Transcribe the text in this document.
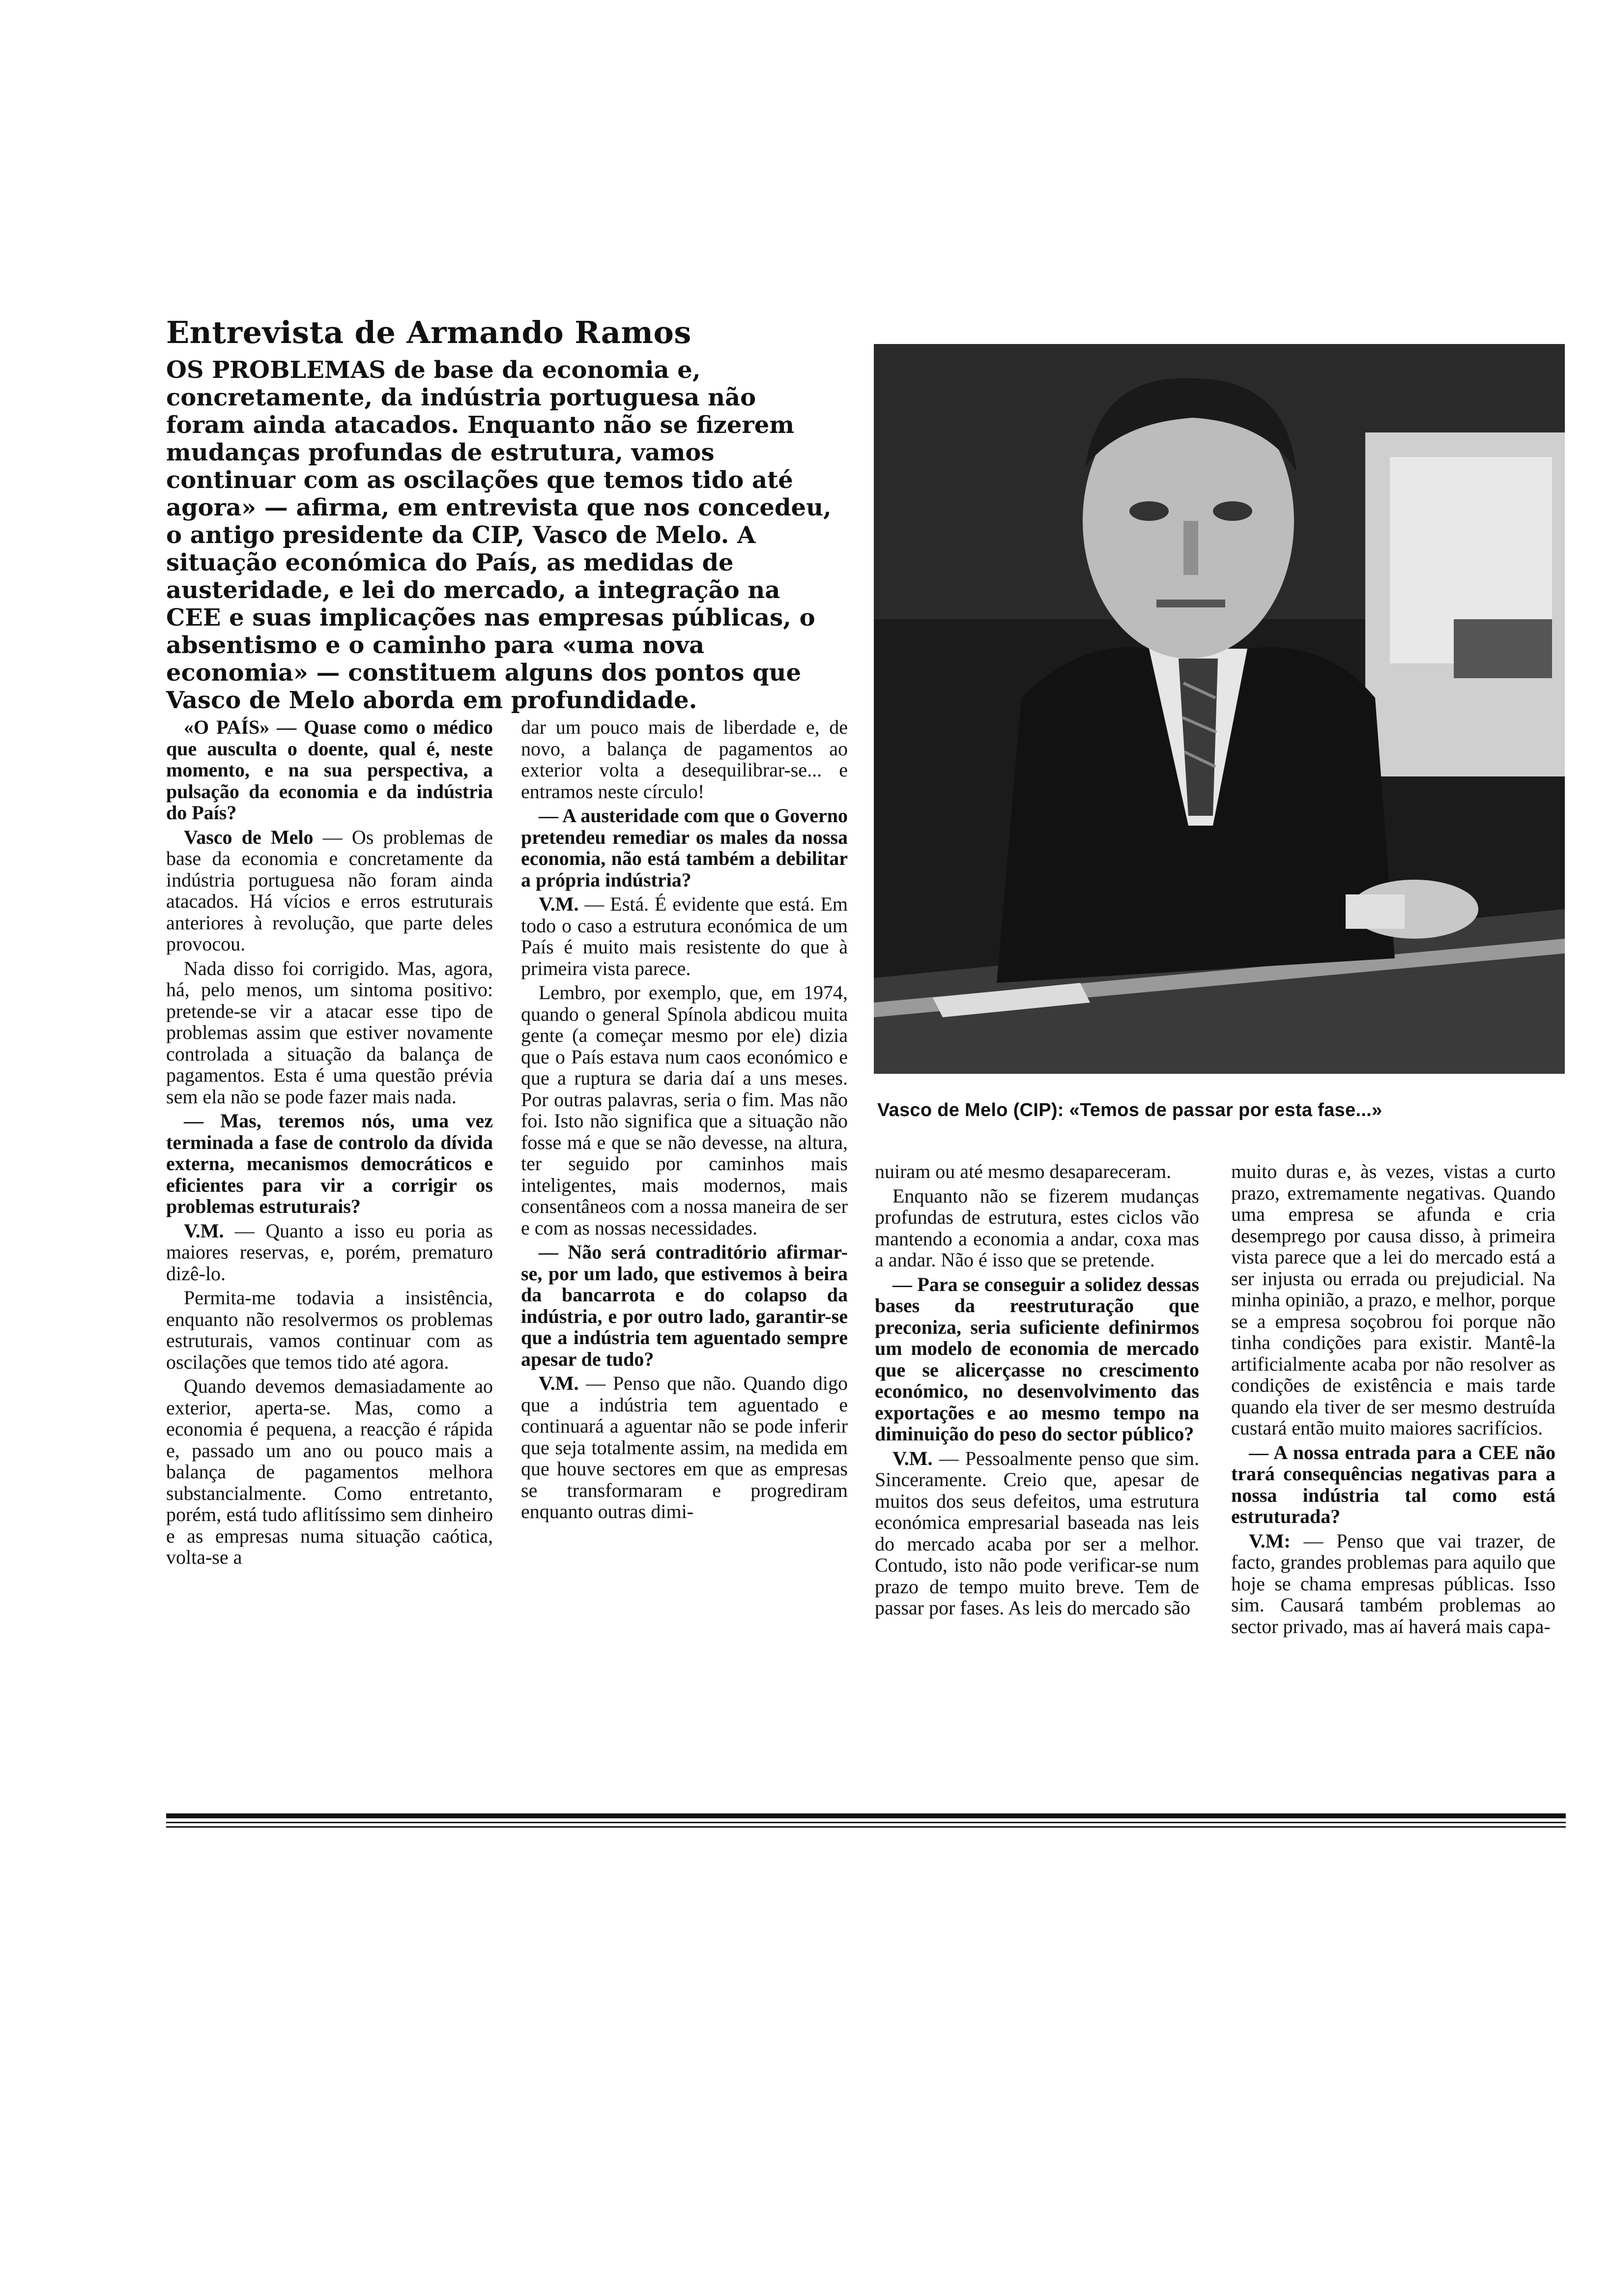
Entrevista de Armando Ramos

OS PROBLEMAS de base da economia e, concretamente, da indústria portuguesa não foram ainda atacados. Enquanto não se fizerem mudanças profundas de estrutura, vamos continuar com as oscilações que temos tido até agora» — afirma, em entrevista que nos concedeu, o antigo presidente da CIP, Vasco de Melo. A situação económica do País, as medidas de austeridade, e lei do mercado, a integração na CEE e suas implicações nas empresas públicas, o absentismo e o caminho para «uma nova economia» — constituem alguns dos pontos que Vasco de Melo aborda em profundidade.

Vasco de Melo (CIP): «Temos de passar por esta fase...»

«O PAÍS» — Quase como o médico que ausculta o doente, qual é, neste momento, e na sua perspectiva, a pulsação da economia e da indústria do País?

Vasco de Melo — Os problemas de base da economia e concretamente da indústria portuguesa não foram ainda atacados. Há vícios e erros estruturais anteriores à revolução, que parte deles provocou.

Nada disso foi corrigido. Mas, agora, há, pelo menos, um sintoma positivo: pretende-se vir a atacar esse tipo de problemas assim que estiver novamente controlada a situação da balança de pagamentos. Esta é uma questão prévia sem ela não se pode fazer mais nada.

— Mas, teremos nós, uma vez terminada a fase de controlo da dívida externa, mecanismos democráticos e eficientes para vir a corrigir os problemas estruturais?

V.M. — Quanto a isso eu poria as maiores reservas, e, porém, prematuro dizê-lo.

Permita-me todavia a insistência, enquanto não resolvermos os problemas estruturais, vamos continuar com as oscilações que temos tido até agora.

Quando devemos demasiadamente ao exterior, aperta-se. Mas, como a economia é pequena, a reacção é rápida e, passado um ano ou pouco mais a balança de pagamentos melhora substancialmente. Como entretanto, porém, está tudo aflitíssimo sem dinheiro e as empresas numa situação caótica, volta-se a

dar um pouco mais de liberdade e, de novo, a balança de pagamentos ao exterior volta a desequilibrar-se... e entramos neste círculo!

— A austeridade com que o Governo pretendeu remediar os males da nossa economia, não está também a debilitar a própria indústria?

V.M. — Está. É evidente que está. Em todo o caso a estrutura económica de um País é muito mais resistente do que à primeira vista parece.

Lembro, por exemplo, que, em 1974, quando o general Spínola abdicou muita gente (a começar mesmo por ele) dizia que o País estava num caos económico e que a ruptura se daria daí a uns meses. Por outras palavras, seria o fim. Mas não foi. Isto não significa que a situação não fosse má e que se não devesse, na altura, ter seguido por caminhos mais inteligentes, mais modernos, mais consentâneos com a nossa maneira de ser e com as nossas necessidades.

— Não será contraditório afirmar-se, por um lado, que estivemos à beira da bancarrota e do colapso da indústria, e por outro lado, garantir-se que a indústria tem aguentado sempre apesar de tudo?

V.M. — Penso que não. Quando digo que a indústria tem aguentado e continuará a aguentar não se pode inferir que seja totalmente assim, na medida em que houve sectores em que as empresas se transformaram e progrediram enquanto outras dimi-

nuiram ou até mesmo desapareceram.

Enquanto não se fizerem mudanças profundas de estrutura, estes ciclos vão mantendo a economia a andar, coxa mas a andar. Não é isso que se pretende.

— Para se conseguir a solidez dessas bases da reestruturação que preconiza, seria suficiente definirmos um modelo de economia de mercado que se alicerçasse no crescimento económico, no desenvolvimento das exportações e ao mesmo tempo na diminuição do peso do sector público?

V.M. — Pessoalmente penso que sim. Sinceramente. Creio que, apesar de muitos dos seus defeitos, uma estrutura económica empresarial baseada nas leis do mercado acaba por ser a melhor. Contudo, isto não pode verificar-se num prazo de tempo muito breve. Tem de passar por fases. As leis do mercado são

muito duras e, às vezes, vistas a curto prazo, extremamente negativas. Quando uma empresa se afunda e cria desemprego por causa disso, à primeira vista parece que a lei do mercado está a ser injusta ou errada ou prejudicial. Na minha opinião, a prazo, e melhor, porque se a empresa soçobrou foi porque não tinha condições para existir. Mantê-la artificialmente acaba por não resolver as condições de existência e mais tarde quando ela tiver de ser mesmo destruída custará então muito maiores sacrifícios.

— A nossa entrada para a CEE não trará consequências negativas para a nossa indústria tal como está estruturada?

V.M: — Penso que vai trazer, de facto, grandes problemas para aquilo que hoje se chama empresas públicas. Isso sim. Causará também problemas ao sector privado, mas aí haverá mais capa-
